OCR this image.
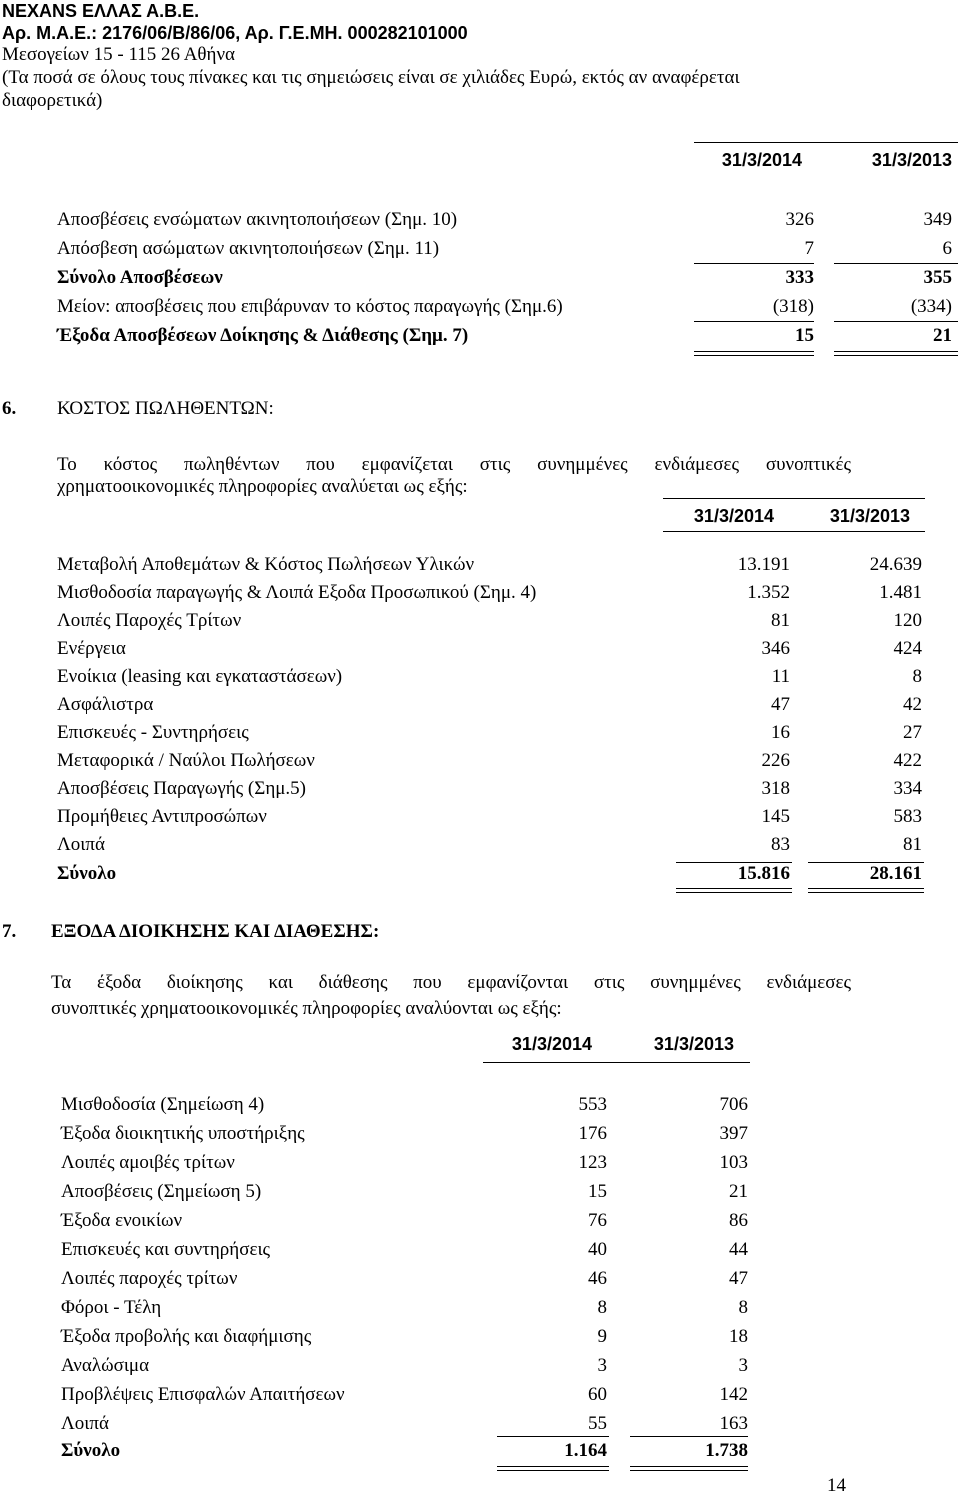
NEXANS ΕΛΛΑΣ Α.Β.Ε.
Αρ. Μ.Α.Ε.: 2176/06/Β/86/06, Αρ. Γ.Ε.ΜΗ. 000282101000
Μεσογείων 15 - 115 26 Αθήνα
(Τα ποσά σε όλους τους πίνακες και τις σημειώσεις είναι σε χιλιάδες Ευρώ, εκτός αν αναφέρεται
διαφορετικά)
31/3/2014	31/3/2013
Αποσβέσεις ενσώματων ακινητοποιήσεων (Σημ. 10)	326	349
Απόσβεση ασώματων ακινητοποιήσεων (Σημ. 11)	7	6
Σύνολο Αποσβέσεων	333	355
Μείον: αποσβέσεις που επιβάρυναν το κόστος παραγωγής (Σημ.6)	(318)	(334)
Έξοδα Αποσβέσεων Δοίκησης & Διάθεσης (Σημ. 7)	15	21
6. ΚΟΣΤΟΣ ΠΩΛΗΘΕΝΤΩΝ:
Το κόστος πωληθέντων που εμφανίζεται στις συνημμένες ενδιάμεσες συνοπτικές
χρηματοοικονομικές πληροφορίες αναλύεται ως εξής:
31/3/2014	31/3/2013
Μεταβολή Αποθεμάτων & Κόστος Πωλήσεων Υλικών	13.191	24.639
Μισθοδοσία παραγωγής & Λοιπά Εξοδα Προσωπικού (Σημ. 4)	1.352	1.481
Λοιπές Παροχές Τρίτων	81	120
Ενέργεια	346	424
Ενοίκια (leasing και εγκαταστάσεων)	11	8
Ασφάλιστρα	47	42
Επισκευές - Συντηρήσεις	16	27
Μεταφορικά / Ναύλοι Πωλήσεων	226	422
Αποσβέσεις Παραγωγής (Σημ.5)	318	334
Προμήθειες Αντιπροσώπων	145	583
Λοιπά	83	81
Σύνολο	15.816	28.161
7. ΕΞΟΔΑ ΔΙΟΙΚΗΣΗΣ ΚΑΙ ΔΙΑΘΕΣΗΣ:
Τα έξοδα διοίκησης και διάθεσης που εμφανίζονται στις συνημμένες ενδιάμεσες
συνοπτικές χρηματοοικονομικές πληροφορίες αναλύονται ως εξής:
31/3/2014	31/3/2013
Μισθοδοσία (Σημείωση 4)	553	706
Έξοδα διοικητικής υποστήριξης	176	397
Λοιπές αμοιβές τρίτων	123	103
Αποσβέσεις (Σημείωση 5)	15	21
Έξοδα ενοικίων	76	86
Επισκευές και συντηρήσεις	40	44
Λοιπές παροχές τρίτων	46	47
Φόροι - Τέλη	8	8
Έξοδα προβολής και διαφήμισης	9	18
Αναλώσιμα	3	3
Προβλέψεις Επισφαλών Απαιτήσεων	60	142
Λοιπά	55	163
Σύνολο	1.164	1.738
14
